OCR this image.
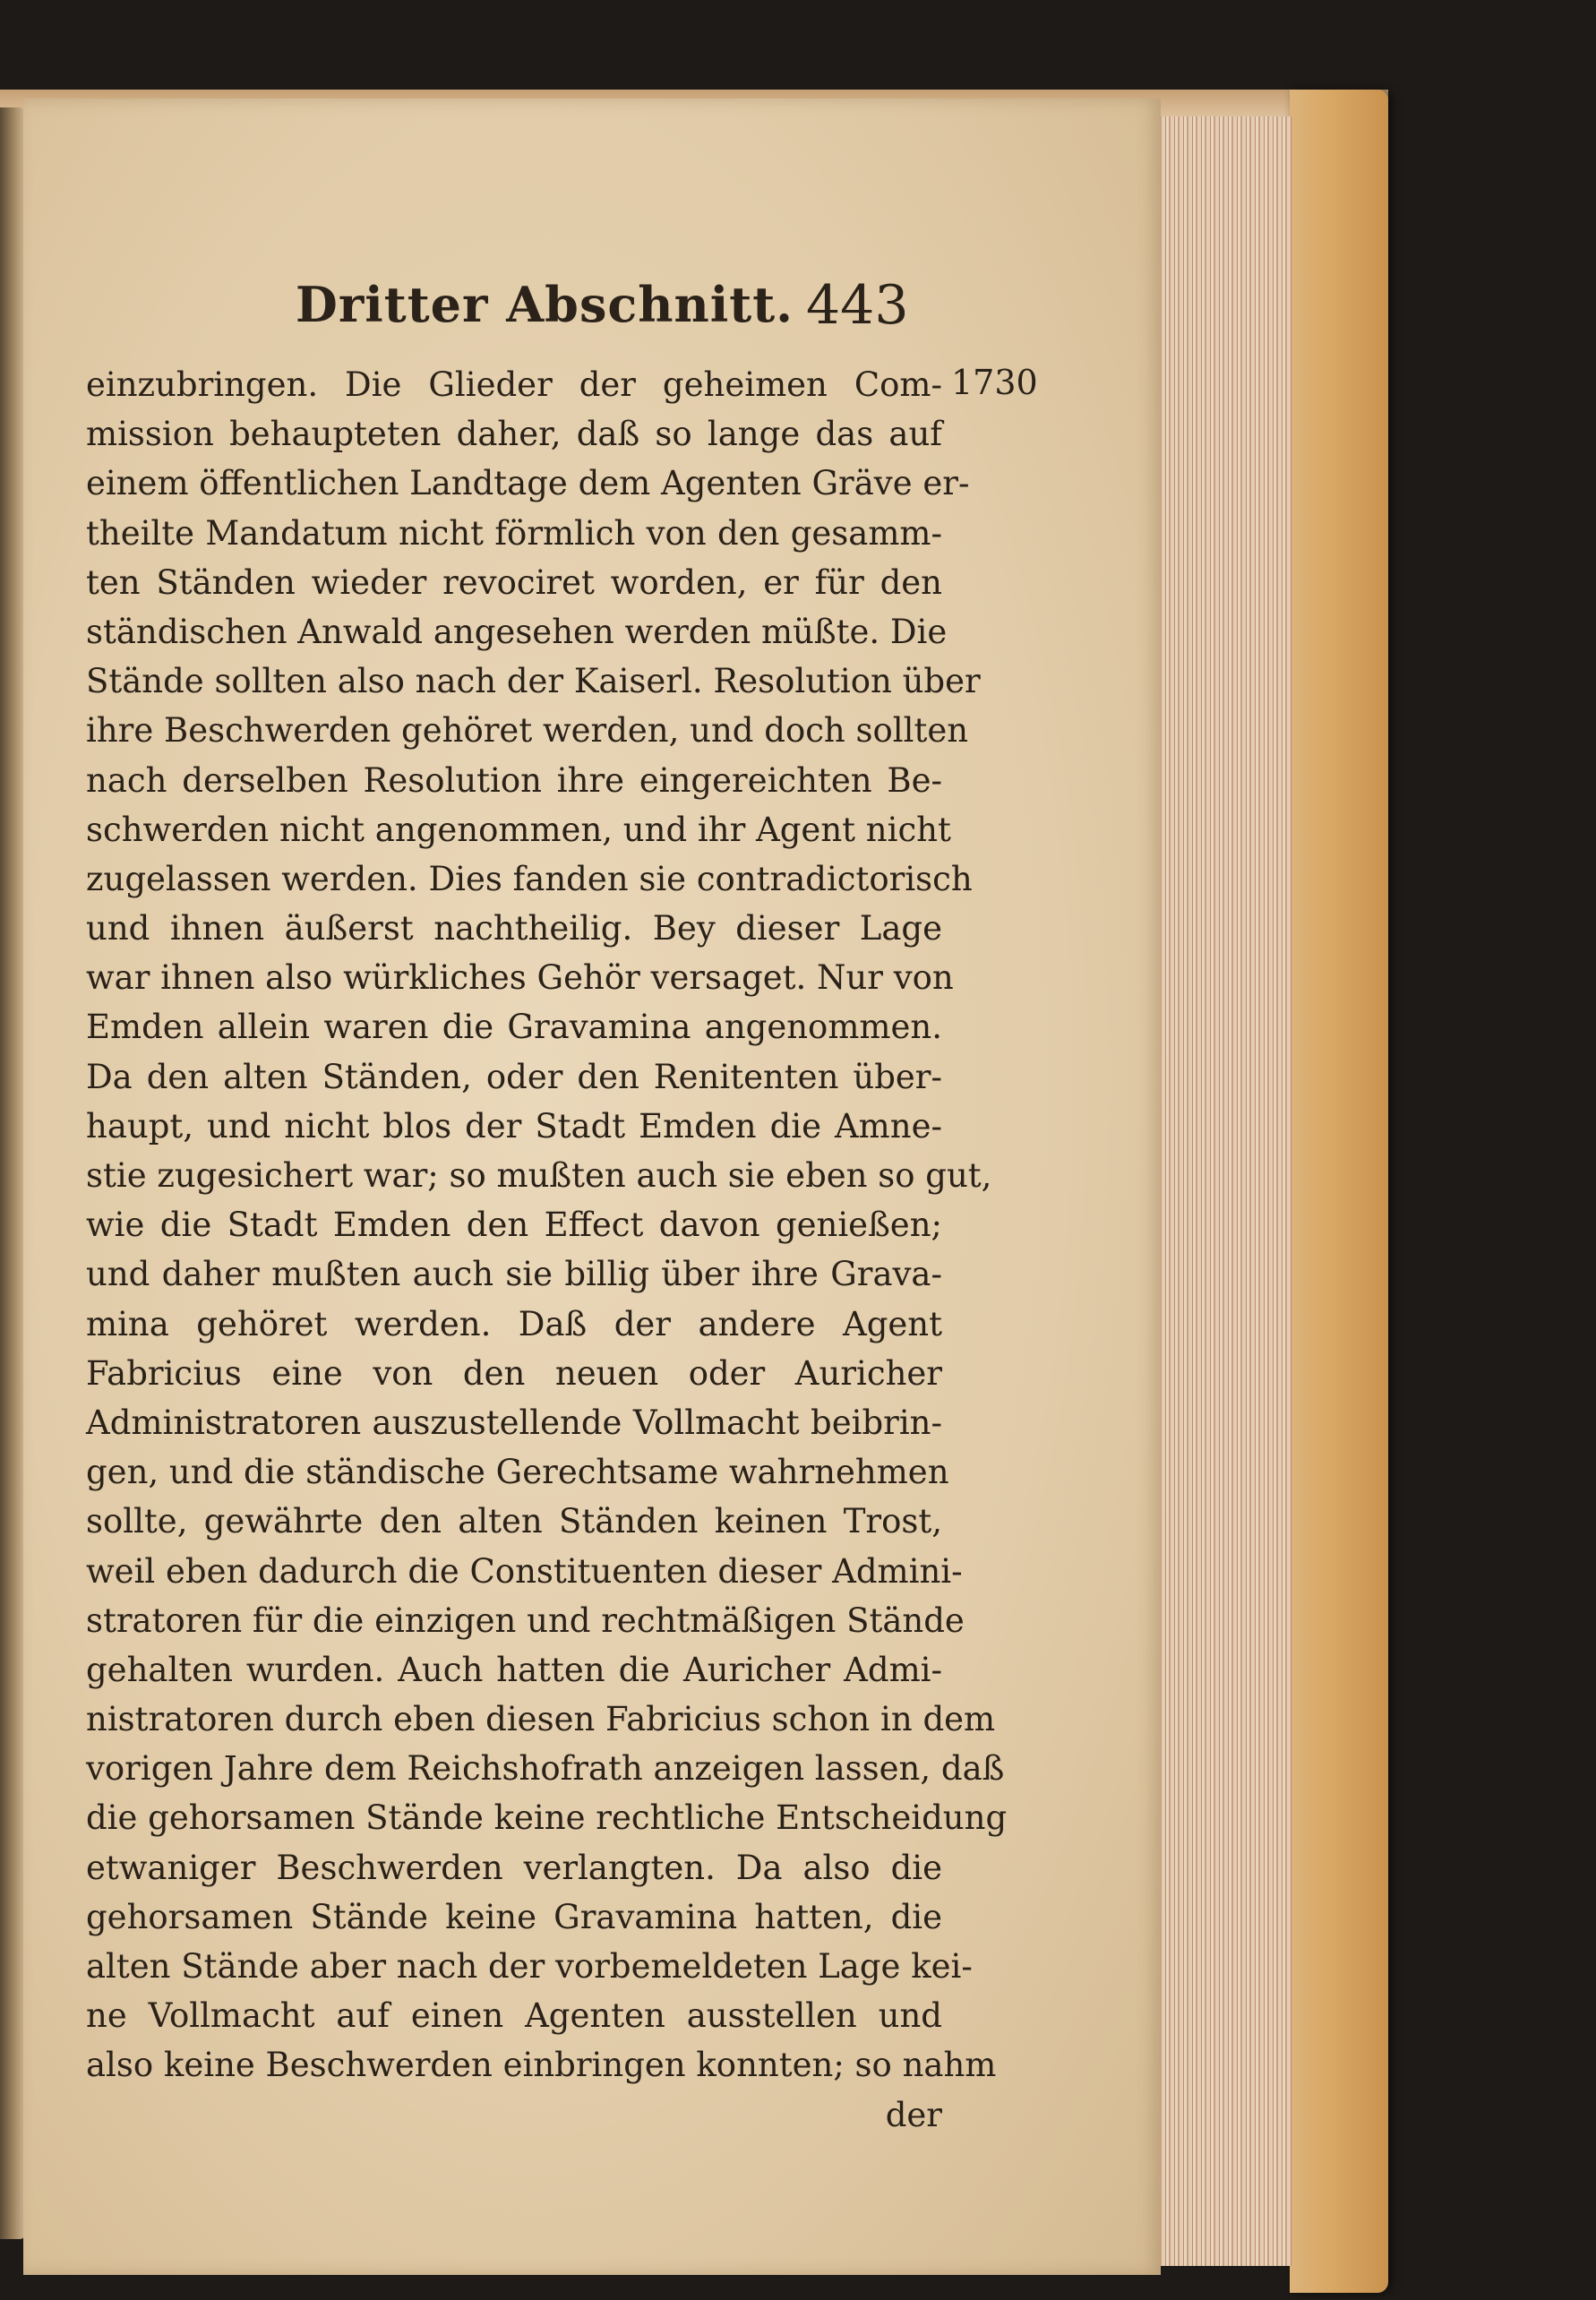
Dritter Abschnitt. 443
1730
einzubringen. Die Glieder der geheimen Com-
mission behaupteten daher, daß so lange das auf
einem öffentlichen Landtage dem Agenten Gräve er-
theilte Mandatum nicht förmlich von den gesamm-
ten Ständen wieder revociret worden, er für den
ständischen Anwald angesehen werden müßte. Die
Stände sollten also nach der Kaiserl. Resolution über
ihre Beschwerden gehöret werden, und doch sollten
nach derselben Resolution ihre eingereichten Be-
schwerden nicht angenommen, und ihr Agent nicht
zugelassen werden. Dies fanden sie contradictorisch
und ihnen äußerst nachtheilig. Bey dieser Lage
war ihnen also würkliches Gehör versaget. Nur von
Emden allein waren die Gravamina angenommen.
Da den alten Ständen, oder den Renitenten über-
haupt, und nicht blos der Stadt Emden die Amne-
stie zugesichert war; so mußten auch sie eben so gut,
wie die Stadt Emden den Effect davon genießen;
und daher mußten auch sie billig über ihre Grava-
mina gehöret werden. Daß der andere Agent
Fabricius eine von den neuen oder Auricher
Administratoren auszustellende Vollmacht beibrin-
gen, und die ständische Gerechtsame wahrnehmen
sollte, gewährte den alten Ständen keinen Trost,
weil eben dadurch die Constituenten dieser Admini-
stratoren für die einzigen und rechtmäßigen Stände
gehalten wurden. Auch hatten die Auricher Admi-
nistratoren durch eben diesen Fabricius schon in dem
vorigen Jahre dem Reichshofrath anzeigen lassen, daß
die gehorsamen Stände keine rechtliche Entscheidung
etwaniger Beschwerden verlangten. Da also die
gehorsamen Stände keine Gravamina hatten, die
alten Stände aber nach der vorbemeldeten Lage kei-
ne Vollmacht auf einen Agenten ausstellen und
also keine Beschwerden einbringen konnten; so nahm
der
